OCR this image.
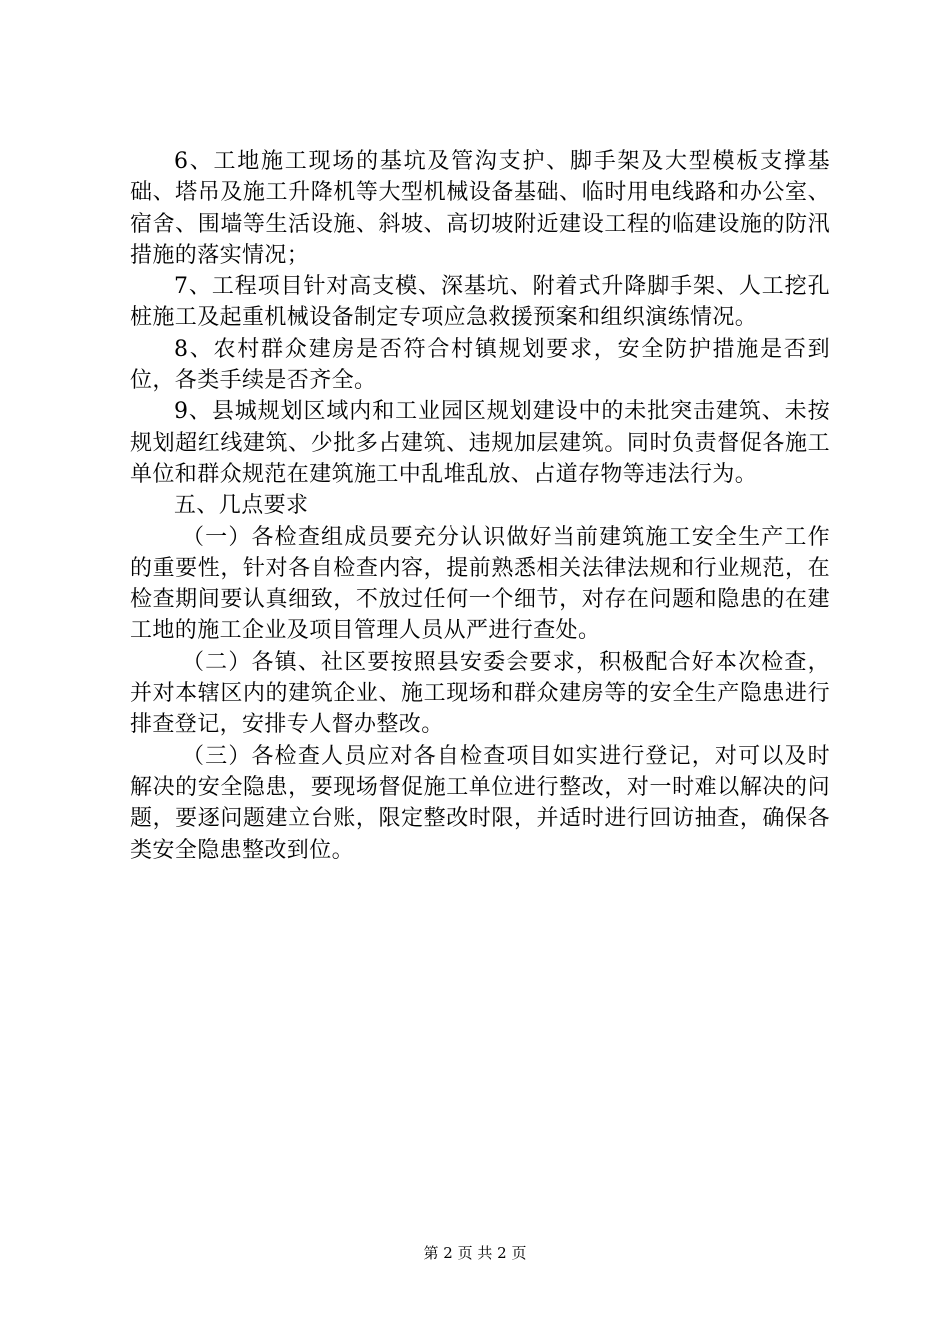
6、工地施工现场的基坑及管沟支护、脚手架及大型模板支撑基础、塔吊及施工升降机等大型机械设备基础、临时用电线路和办公室、宿舍、围墙等生活设施、斜坡、高切坡附近建设工程的临建设施的防汛措施的落实情况；

7、工程项目针对高支模、深基坑、附着式升降脚手架、人工挖孔桩施工及起重机械设备制定专项应急救援预案和组织演练情况。

8、农村群众建房是否符合村镇规划要求，安全防护措施是否到位，各类手续是否齐全。

9、县城规划区域内和工业园区规划建设中的未批突击建筑、未按规划超红线建筑、少批多占建筑、违规加层建筑。同时负责督促各施工单位和群众规范在建筑施工中乱堆乱放、占道存物等违法行为。

五、几点要求

（一）各检查组成员要充分认识做好当前建筑施工安全生产工作的重要性，针对各自检查内容，提前熟悉相关法律法规和行业规范，在检查期间要认真细致，不放过任何一个细节，对存在问题和隐患的在建工地的施工企业及项目管理人员从严进行查处。

（二）各镇、社区要按照县安委会要求，积极配合好本次检查，并对本辖区内的建筑企业、施工现场和群众建房等的安全生产隐患进行排查登记，安排专人督办整改。

（三）各检查人员应对各自检查项目如实进行登记，对可以及时解决的安全隐患，要现场督促施工单位进行整改，对一时难以解决的问题，要逐问题建立台账，限定整改时限，并适时进行回访抽查，确保各类安全隐患整改到位。

第 2 页 共 2 页
